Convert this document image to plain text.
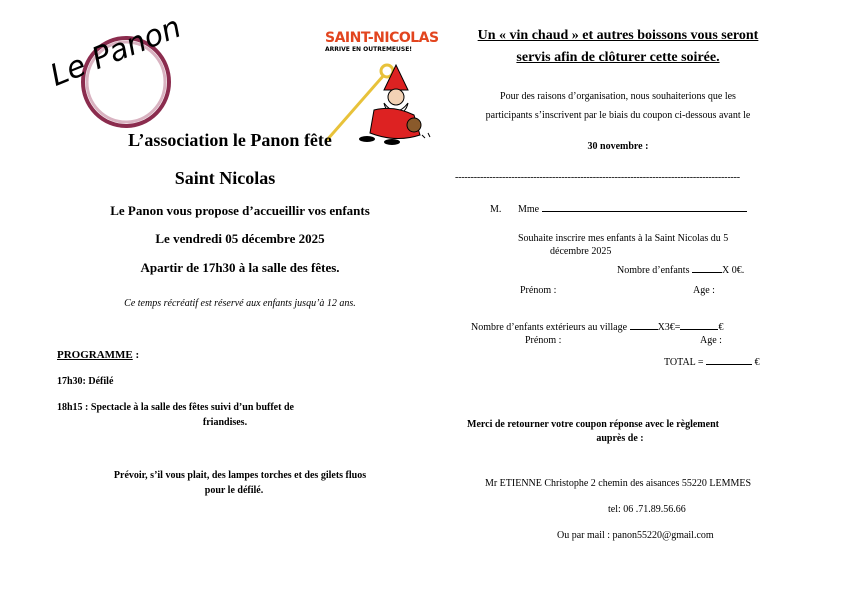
Le Panon	SAINT-NICOLAS
ARRIVE EN OUTREMEUSE!
L’association le Panon fête
Saint Nicolas
Le Panon vous propose d’accueillir vos enfants
Le vendredi 05 décembre 2025
Apartir de 17h30 à la salle des fêtes.
Ce temps récréatif est réservé aux enfants jusqu’à 12 ans.
PROGRAMME :
17h30: Défilé
18h15 : Spectacle à la salle des fêtes suivi d’un buffet de
friandises.
Prévoir, s’il vous plait, des lampes torches et des gilets fluos
pour le défilé.
Un « vin chaud » et autres boissons vous seront
servis afin de clôturer cette soirée.
Pour des raisons d’organisation, nous souhaiterions que les
participants s’inscrivent par le biais du coupon ci-dessous avant le
30 novembre :
-------------------------------------------------------------------------------------------
M. Mme
Souhaite inscrire mes enfants à la Saint Nicolas du 5
décembre 2025
Nombre d’enfants	X 0€.
Prénom :	Age :
Nombre d’enfants extérieurs au village	X3€=	€
Prénom :	Age :
TOTAL =	€
Merci de retourner votre coupon réponse avec le règlement
auprès de :
Mr ETIENNE Christophe 2 chemin des aisances 55220 LEMMES
tel: 06 .71.89.56.66
Ou par mail : panon55220@gmail.com
